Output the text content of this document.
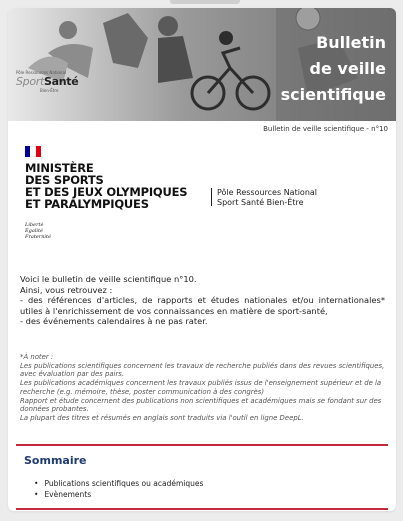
Bulletin
de veille
scientifique
Pôle Ressources National
SportSanté
Bien-Être
Bulletin de veille scientifique - n°10
MINISTÈRE
DES SPORTS
ET DES JEUX OLYMPIQUES
ET PARALYMPIQUES
Liberté
Égalité
Fraternité
Pôle Ressources National
Sport Santé Bien-Être

Voici le bulletin de veille scientifique n°10.

Ainsi, vous retrouvez :

- des références d'articles, de rapports et études nationales et/ou internationales* utiles à l'enrichissement de vos connaissances en matière de sport-santé,

- des événements calendaires à ne pas rater.

*À noter :

Les publications scientifiques concernent les travaux de recherche publiés dans des revues scientifiques, avec évaluation par des pairs.

Les publications académiques concernent les travaux publiés issus de l'enseignement supérieur et de la recherche (e.g. mémoire, thèse, poster communication à des congrès)

Rapport et étude concernent des publications non scientifiques et académiques mais se fondant sur des données probantes.

La plupart des titres et résumés en anglais sont traduits via l'outil en ligne DeepL.

Sommaire
• Publications scientifiques ou académiques
• Evènements
